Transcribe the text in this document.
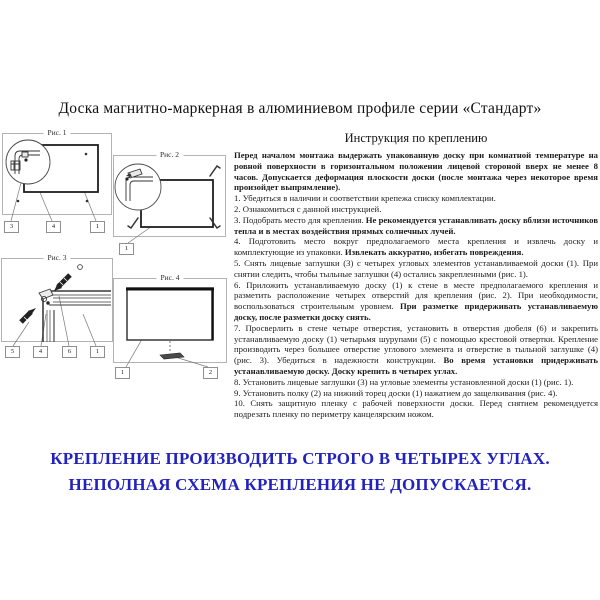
Доска магнитно-маркерная в алюминиевом профиле серии «Стандарт»
Рис. 1
3	4	1
Рис. 2
1
Рис. 3
5	4	6	1
Рис. 4
1	2
Инструкция по креплению
Перед началом монтажа выдержать упакованную доску при комнатной температуре на ровной поверхности в горизонтальном положении лицевой стороной вверх не менее 8 часов. Допускается деформация плоскости доски (после монтажа через некоторое время произойдет выпрямление).
1. Убедиться в наличии и соответствии крепежа списку комплектации.
2. Ознакомиться с данной инструкцией.
3. Подобрать место для крепления. Не рекомендуется устанавливать доску вблизи источников тепла и в местах воздействия прямых солнечных лучей.
4. Подготовить место вокруг предполагаемого места крепления и извлечь доску и комплектующие из упаковки. Извлекать аккуратно, избегать повреждения.
5. Снять лицевые заглушки (3) с четырех угловых элементов устанавливаемой доски (1). При снятии следить, чтобы тыльные заглушки (4) остались закрепленными (рис. 1).
6. Приложить устанавливаемую доску (1) к стене в месте предполагаемого крепления и разметить расположение четырех отверстий для крепления (рис. 2). При необходимости, воспользоваться строительным уровнем. При разметке придерживать устанавливаемую доску, после разметки доску снять.
7. Просверлить в стене четыре отверстия, установить в отверстия дюбеля (6) и закрепить устанавливаемую доску (1) четырьмя шурупами (5) с помощью крестовой отвертки. Крепление производить через большее отверстие углового элемента и отверстие в тыльной заглушке (4) (рис. 3). Убедиться в надежности конструкции. Во время установки придерживать устанавливаемую доску. Доску крепить в четырех углах.
8. Установить лицевые заглушки (3) на угловые элементы установленной доски (1) (рис. 1).
9. Установить полку (2) на нижний торец доски (1) нажатием до защелкивания (рис. 4).
10. Снять защитную пленку с рабочей поверхности доски. Перед снятием рекомендуется подрезать пленку по периметру канцелярским ножом.
КРЕПЛЕНИЕ ПРОИЗВОДИТЬ СТРОГО В ЧЕТЫРЕХ УГЛАХ.
НЕПОЛНАЯ СХЕМА КРЕПЛЕНИЯ НЕ ДОПУСКАЕТСЯ.
